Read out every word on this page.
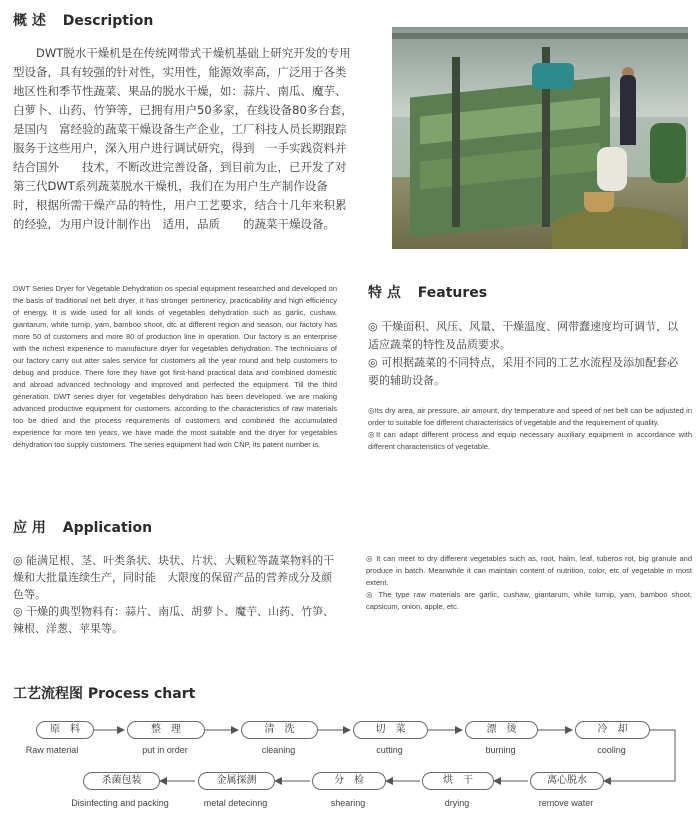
概 述 Description
　　DWT脱水干燥机是在传统网带式干燥机基础上研究开发的专用
型设备，具有较强的针对性，实用性，能源效率高，广泛用于各类
地区性和季节性蔬菜、果品的脱水干燥，如：蒜片、南瓜、魔芋、
白萝卜、山药、竹笋等，已拥有用户50多家，在线设备80多台套，
是国内　富经验的蔬菜干燥设备生产企业，工厂科技人员长期跟踪
服务于这些用户，深入用户进行调试研究，得到　一手实践资料并
结合国外　　技术，不断改进完善设备，到目前为止，已开发了对
第三代DWT系列蔬菜脱水干燥机，我们在为用户生产制作设备
时，根据所需干燥产品的特性，用户工艺要求，结合十几年来积累
的经验，为用户设计制作出　适用，品质　　的蔬菜干燥设备。
DWT Series Dryer for Vegetable Dehydration os special equipment researched and developed on the basis of traditional net belt dryer, it has stronger pertinency, practicability and high efficiency of energy. It is wide used for all kinds of vegetables dehydration such as garlic, cushaw, giantarum, white turnip, yam, bamboo shoot, dtc at different region and season, our factory has more 50 of customers and more 80 of production line in operation. Our factory is an enterprise with the richest experience to manufacture dryer for vegetables dehydration. The technicians of our factory carry out atter sales service for customers all the year round and help customers to debug and produce. There fore they have got first-hand practical data and combined domestic and abroad advanced technology and improved and perfected the equipment. Till the third generation. DWT series dryer for vegetables dehydration has been developed. we are making advanced productive equipment for customers. according to the characteristics of raw materials too be dried and the process requirements of customers and combined the accumulated experience for more ten years, we have made the most suitable and the dryer for vegetables dehydration too supply customers. The series equipment had won CNP, its patent number is.
特 点 Features
◎ 干燥面积、风压、风量、干燥温度、网带蠢速度均可调节，以
适应蔬菜的特性及品质要求。
◎ 可根据蔬菜的不同特点，采用不同的工艺水流程及添加配套必
要的辅助设备。
◎Its dry area, air pressure, air amount, dry temperature and speed of net belt can be adjusted in order to suitable foe different characteristics of vegetable and the requirement of quality.
◎It can adapt different process and equip necessary auxiliary equipment in accordance with different characteristics of vegetable.
应 用 Application
◎ 能满足根、茎、叶类条状、块状、片状、大颗粒等蔬菜物料的干
燥和大批量连续生产，同时能　大限度的保留产品的营养成分及颜
色等。
◎ 干燥的典型物料有：蒜片、南瓜、胡萝卜、魔芋、山药、竹笋、
辣根、洋葱、苹果等。
◎ It can meet to dry different vegetables such as, root, halm, leaf, tuberos rot, big granule and produce in batch. Meanwhile it can maintain content of nutrition, color, etc of vegetable in most extent.
◎ The type raw materials are garlic, cushaw, giantarum, while turnip, yam, bamboo shoot, capsicum, onion, apple, etc.
工艺流程图 Process chart
原　料
Raw material
整　理
put in order
清　洗
cleaning
切　菜
cutting
漂　烫
burning
冷　却
cooling
杀菌包装
Disinfecting and packing
金属探测
metal detecinng
分　检
shearing
烘　干
drying
离心脱水
remove water
